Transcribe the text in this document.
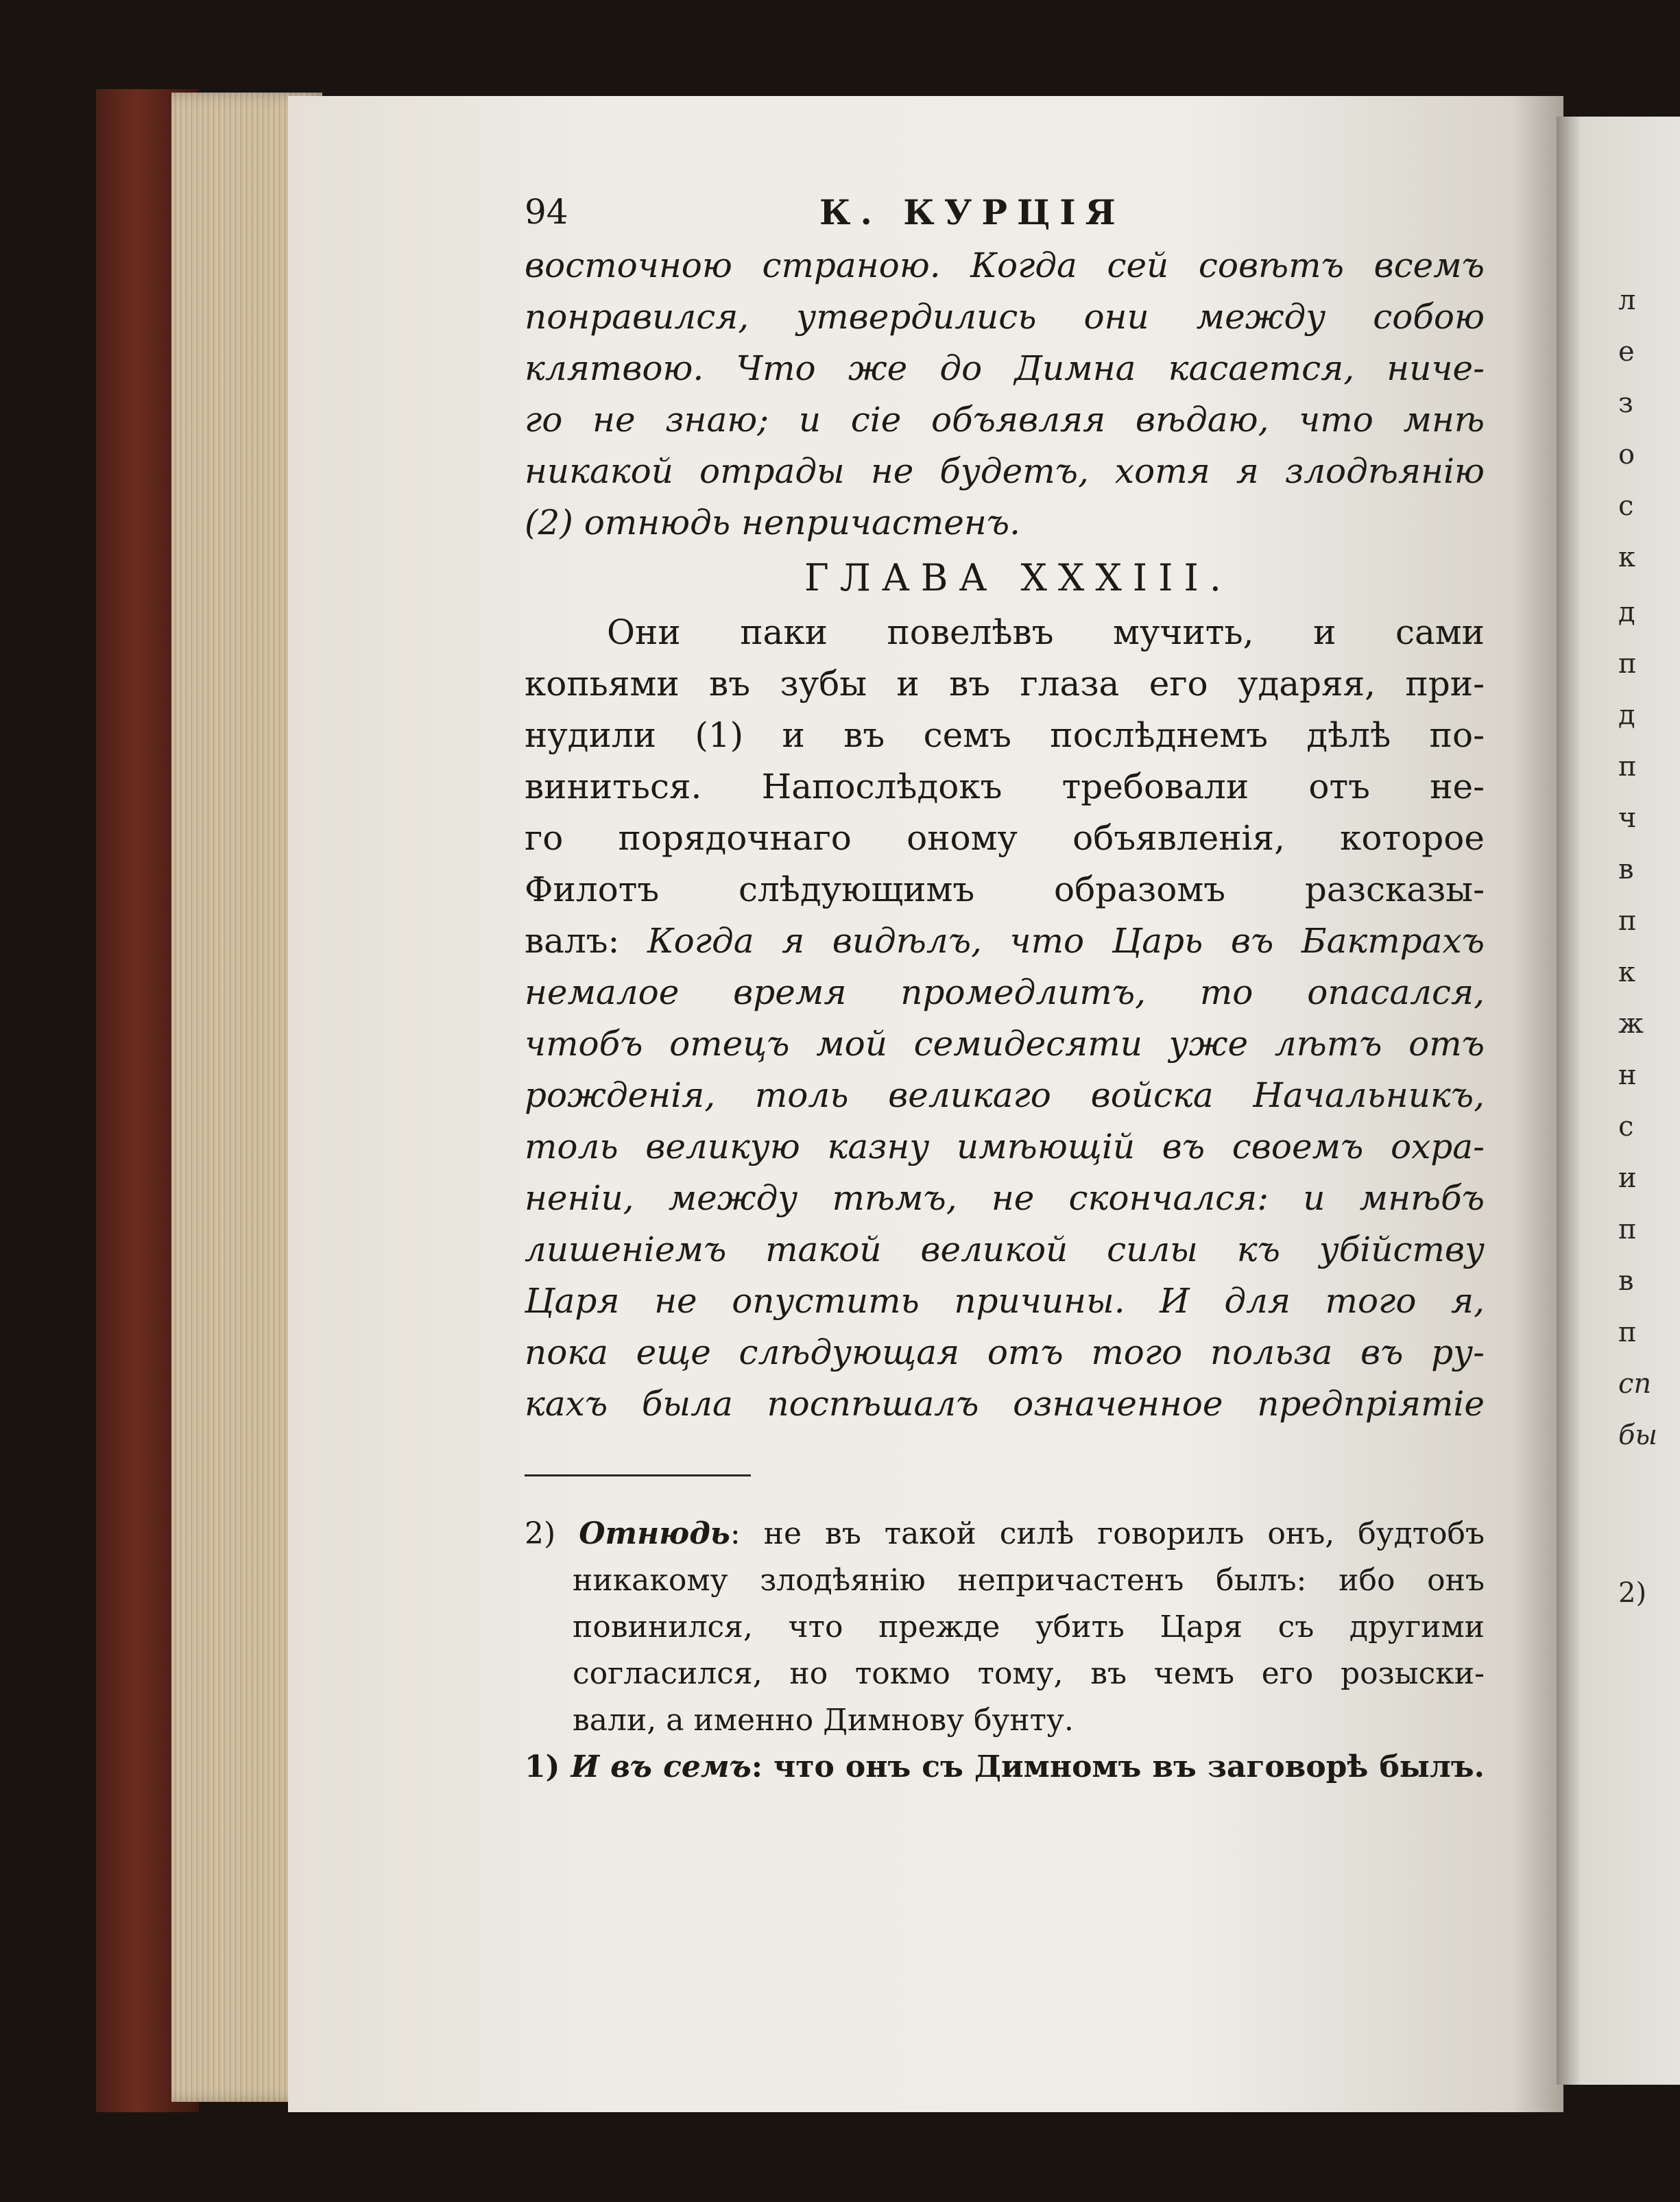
л
е
з
о
с
к
д
п
д
п
ч
в
п
к
ж
н
с
и
п
в
п
сп
бы
2)
94	К. КУРЦІЯ
восточною страною. Когда сей совѣтъ всемъ
понравился, утвердились они между собою
клятвою. Что же до Димна касается, ниче-
го не знаю; и сіе объявляя вѣдаю, что мнѣ
никакой отрады не будетъ, хотя я злодѣянію
(2) отнюдь непричастенъ.
ГЛАВА XXXIII.
Они паки повелѣвъ мучить, и сами
копьями въ зубы и въ глаза его ударяя, при-
нудили (1) и въ семъ послѣднемъ дѣлѣ по-
виниться. Напослѣдокъ требовали отъ не-
го порядочнаго оному объявленія, которое
Филотъ слѣдующимъ образомъ разсказы-
валъ: Когда я видѣлъ, что Царь въ Бактрахъ
немалое время промедлитъ, то опасался,
чтобъ отецъ мой семидесяти уже лѣтъ отъ
рожденія, толь великаго войска Начальникъ,
толь великую казну имѣющій въ своемъ охра-
неніи, между тѣмъ, не скончался: и мнѣбъ
лишеніемъ такой великой силы къ убійству
Царя не опустить причины. И для того я,
пока еще слѣдующая отъ того польза въ ру-
кахъ была поспѣшалъ означенное предпріятіе
2) Отнюдь: не въ такой силѣ говорилъ онъ, будтобъ
никакому злодѣянію непричастенъ былъ: ибо онъ
повинился, что прежде убить Царя съ другими
согласился, но токмо тому, въ чемъ его розыски-
вали, а именно Димнову бунту.
1) И въ семъ: что онъ съ Димномъ въ заговорѣ былъ.
